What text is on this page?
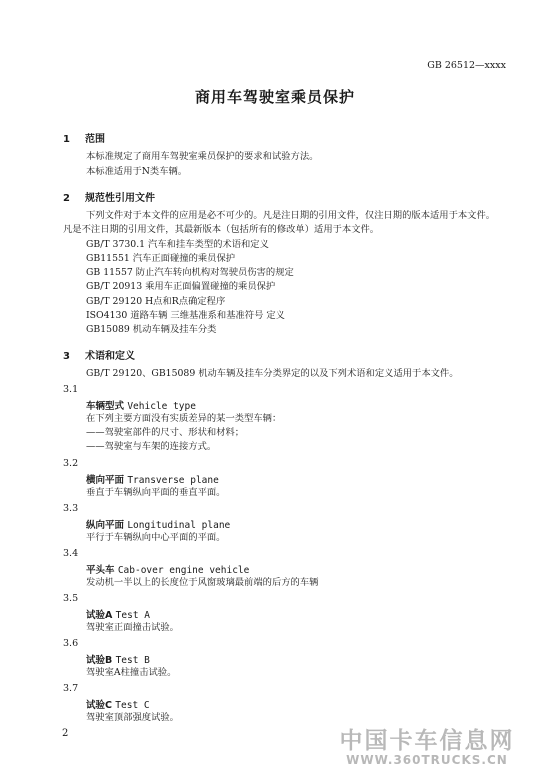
GB 26512—xxxx
商用车驾驶室乘员保护
1 范围
本标准规定了商用车驾驶室乘员保护的要求和试验方法。
本标准适用于N类车辆。
2 规范性引用文件
下列文件对于本文件的应用是必不可少的。凡是注日期的引用文件，仅注日期的版本适用于本文件。
凡是不注日期的引用文件，其最新版本（包括所有的修改单）适用于本文件。
GB/T 3730.1 汽车和挂车类型的术语和定义
GB11551 汽车正面碰撞的乘员保护
GB 11557 防止汽车转向机构对驾驶员伤害的规定
GB/T 20913 乘用车正面偏置碰撞的乘员保护
GB/T 29120 H点和R点确定程序
ISO4130 道路车辆 三维基准系和基准符号 定义
GB15089 机动车辆及挂车分类
3 术语和定义
GB/T 29120、GB15089 机动车辆及挂车分类界定的以及下列术语和定义适用于本文件。
3.1
车辆型式 Vehicle type
在下列主要方面没有实质差异的某一类型车辆：
——驾驶室部件的尺寸、形状和材料；
——驾驶室与车架的连接方式。
3.2
横向平面 Transverse plane
垂直于车辆纵向平面的垂直平面。
3.3
纵向平面 Longitudinal plane
平行于车辆纵向中心平面的平面。
3.4
平头车 Cab-over engine vehicle
发动机一半以上的长度位于风窗玻璃最前端的后方的车辆
3.5
试验A Test A
驾驶室正面撞击试验。
3.6
试验B Test B
驾驶室A柱撞击试验。
3.7
试验C Test C
驾驶室顶部强度试验。
2	中国卡车信息网
WWW.360TRUCKS.CN
